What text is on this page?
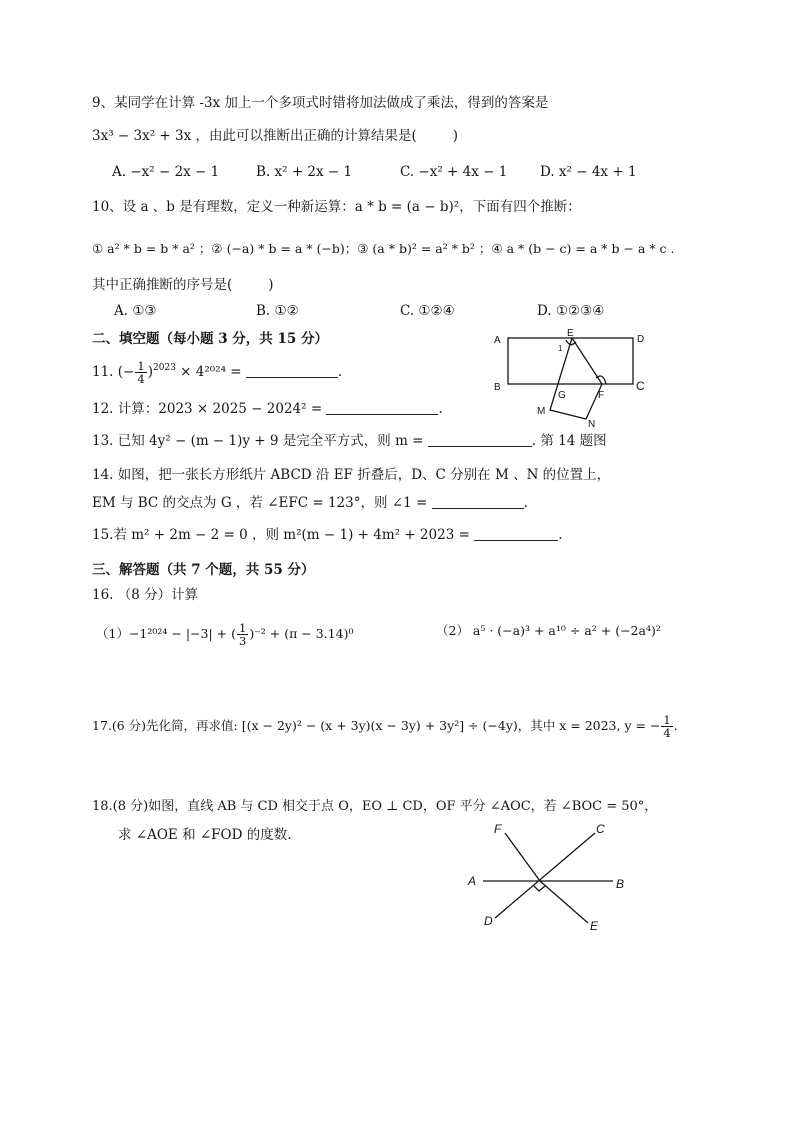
9、某同学在计算 -3x 加上一个多项式时错将加法做成了乘法，得到的答案是
3x³ − 3x² + 3x ，由此可以推断出正确的计算结果是(	)
A. −x² − 2x − 1	B. x² + 2x − 1	C. −x² + 4x − 1 D. x² − 4x + 1
10、设 a 、b 是有理数，定义一种新运算：a * b = (a − b)²，下面有四个推断：
① a² * b = b * a² ；② (−a) * b = a * (−b)；③ (a * b)² = a² * b² ；④ a * (b − c) = a * b − a * c .
其中正确推断的序号是(	)
A. ①③	B. ①②	C. ①②④	D. ①②③④
二、填空题（每小题 3 分，共 15 分）
11. (− $\frac{1}{4} )^{2023} \times 4^{2024}$ =	.
12. 计算：2023 × 2025 − 2024² =	.
13. 已知 4y² − (m − 1)y + 9 是完全平方式，则 m =	. 第 14 题图
14. 如图，把一张长方形纸片 ABCD 沿 EF 折叠后，D、C 分别在 M 、N 的位置上，
EM 与 BC 的交点为 G ，若 ∠EFC = 123°，则 ∠1 =	.
15.若 m² + 2m − 2 = 0 ，则 m²(m − 1) + 4m² + 2023 =	.
A
E
D
1
B
G	F
C
M
N
三、解答题（共 7 个题，共 55 分）
16. （8 分）计算
（1）−1²⁰²⁴ − |−3| + ( $\frac{1}{3} )^{-2} + (\pi - 3.14)^0$	（2） a⁵ · (−a)³ + a¹⁰ ÷ a² + (−2a⁴)²
17.(6 分)先化简，再求值: [(x − 2y)² − (x + 3y)(x − 3y) + 3y²] ÷ (−4y)，其中 x = 2023, y = − $\frac{1}{4}$ .
18.(8 分)如图，直线 AB 与 CD 相交于点 O，EO ⊥ CD，OF 平分 ∠AOC，若 ∠BOC = 50°，
求 ∠AOE 和 ∠FOD 的度数.	F	C
A	B
D	E
